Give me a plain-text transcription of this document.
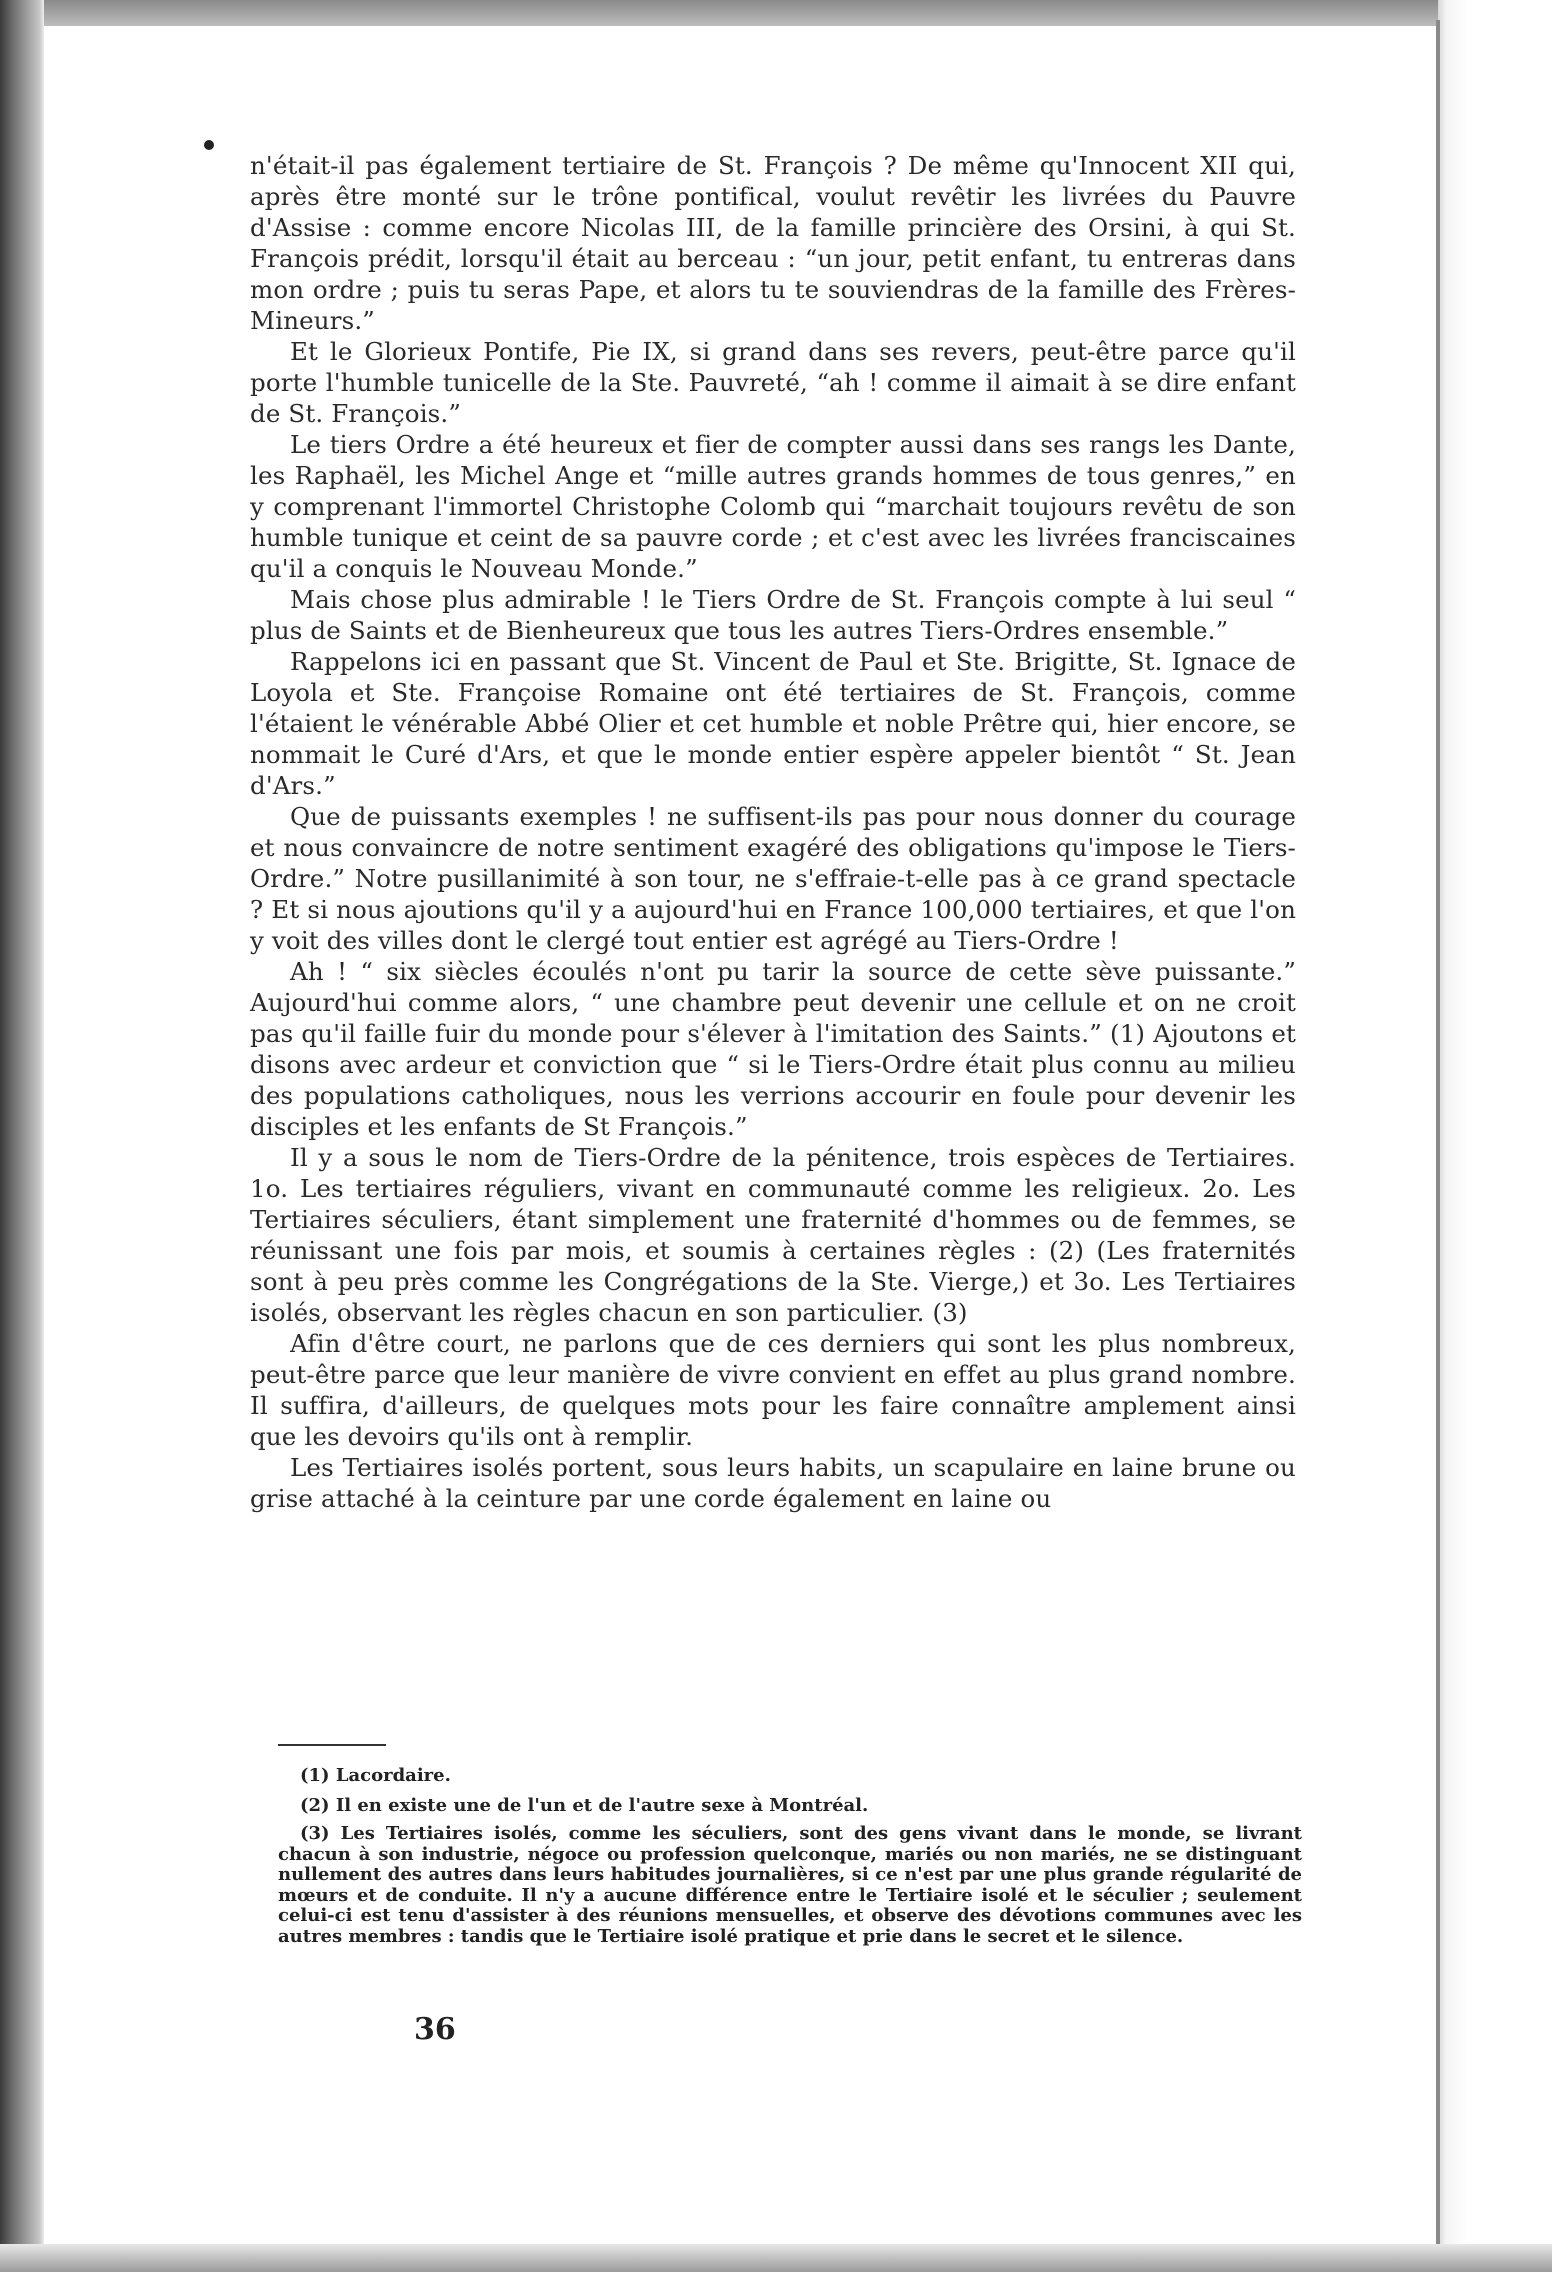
n'était-il pas également tertiaire de St. François ? De même qu'Innocent XII qui, après être monté sur le trône pontifical, voulut revêtir les livrées du Pauvre d'Assise : comme encore Nicolas III, de la famille princière des Orsini, à qui St. François prédit, lorsqu'il était au berceau : “un jour, petit enfant, tu entreras dans mon ordre ; puis tu seras Pape, et alors tu te souviendras de la famille des Frères-Mineurs.”

Et le Glorieux Pontife, Pie IX, si grand dans ses revers, peut-être parce qu'il porte l'humble tunicelle de la Ste. Pauvreté, “ah ! comme il aimait à se dire enfant de St. François.”

Le tiers Ordre a été heureux et fier de compter aussi dans ses rangs les Dante, les Raphaël, les Michel Ange et “mille autres grands hommes de tous genres,” en y comprenant l'immortel Christophe Colomb qui “marchait toujours revêtu de son humble tunique et ceint de sa pauvre corde ; et c'est avec les livrées franciscaines qu'il a conquis le Nouveau Monde.”

Mais chose plus admirable ! le Tiers Ordre de St. François compte à lui seul “ plus de Saints et de Bienheureux que tous les autres Tiers-Ordres ensemble.”

Rappelons ici en passant que St. Vincent de Paul et Ste. Brigitte, St. Ignace de Loyola et Ste. Françoise Romaine ont été tertiaires de St. François, comme l'étaient le vénérable Abbé Olier et cet humble et noble Prêtre qui, hier encore, se nommait le Curé d'Ars, et que le monde entier espère appeler bientôt “ St. Jean d'Ars.”

Que de puissants exemples ! ne suffisent-ils pas pour nous donner du courage et nous convaincre de notre sentiment exagéré des obligations qu'impose le Tiers-Ordre.” Notre pusillanimité à son tour, ne s'effraie-t-elle pas à ce grand spectacle ? Et si nous ajoutions qu'il y a aujourd'hui en France 100,000 tertiaires, et que l'on y voit des villes dont le clergé tout entier est agrégé au Tiers-Ordre !

Ah ! “ six siècles écoulés n'ont pu tarir la source de cette sève puissante.” Aujourd'hui comme alors, “ une chambre peut devenir une cellule et on ne croit pas qu'il faille fuir du monde pour s'élever à l'imitation des Saints.” (1) Ajoutons et disons avec ardeur et conviction que “ si le Tiers-Ordre était plus connu au milieu des populations catholiques, nous les verrions accourir en foule pour devenir les disciples et les enfants de St François.”

Il y a sous le nom de Tiers-Ordre de la pénitence, trois espèces de Tertiaires. 1o. Les tertiaires réguliers, vivant en communauté comme les religieux. 2o. Les Tertiaires séculiers, étant simplement une fraternité d'hommes ou de femmes, se réunissant une fois par mois, et soumis à certaines règles : (2) (Les fraternités sont à peu près comme les Congrégations de la Ste. Vierge,) et 3o. Les Tertiaires isolés, observant les règles chacun en son particulier. (3)

Afin d'être court, ne parlons que de ces derniers qui sont les plus nombreux, peut-être parce que leur manière de vivre convient en effet au plus grand nombre. Il suffira, d'ailleurs, de quelques mots pour les faire connaître amplement ainsi que les devoirs qu'ils ont à remplir.

Les Tertiaires isolés portent, sous leurs habits, un scapulaire en laine brune ou grise attaché à la ceinture par une corde également en laine ou

(1) Lacordaire.

(2) Il en existe une de l'un et de l'autre sexe à Montréal.

(3) Les Tertiaires isolés, comme les séculiers, sont des gens vivant dans le monde, se livrant chacun à son industrie, négoce ou profession quelconque, mariés ou non mariés, ne se distinguant nullement des autres dans leurs habitudes journalières, si ce n'est par une plus grande régularité de mœurs et de conduite. Il n'y a aucune différence entre le Tertiaire isolé et le séculier ; seulement celui-ci est tenu d'assister à des réunions mensuelles, et observe des dévotions communes avec les autres membres : tandis que le Tertiaire isolé pratique et prie dans le secret et le silence.

36
